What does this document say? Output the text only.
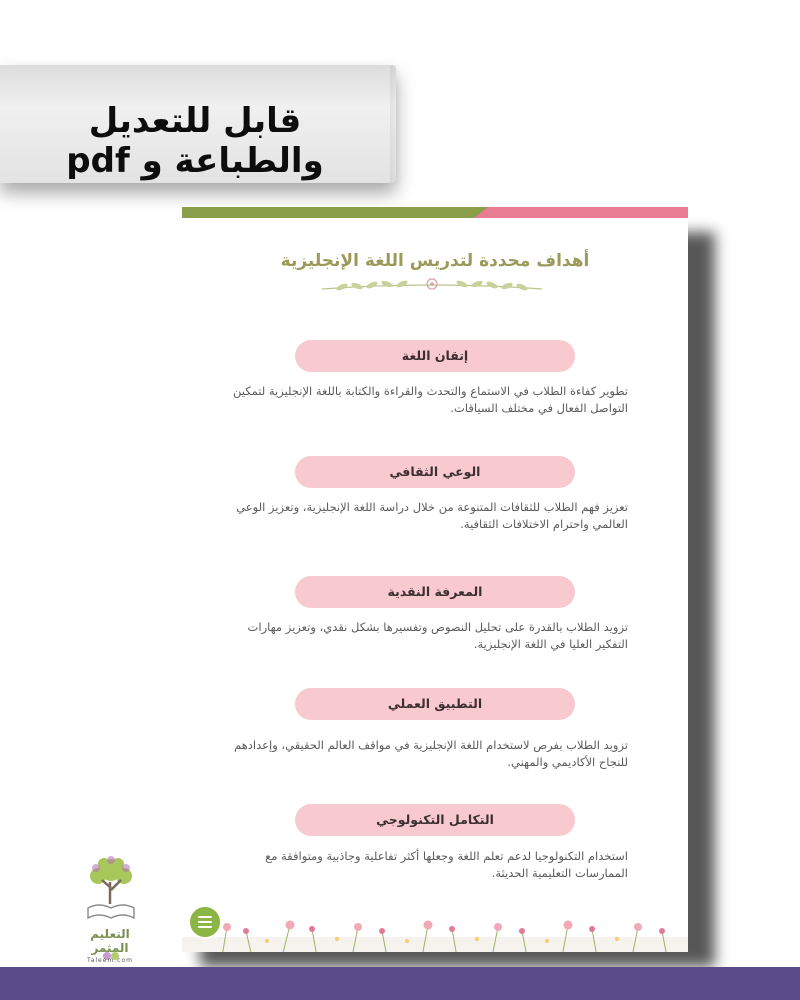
قابل للتعديل والطباعة و pdf
أهداف محددة لتدريس اللغة الإنجليزية
إتقان اللغة
تطوير كفاءة الطلاب في الاستماع والتحدث والقراءة والكتابة باللغة الإنجليزية لتمكين التواصل الفعال في مختلف السياقات.
الوعي الثقافي
تعزيز فهم الطلاب للثقافات المتنوعة من خلال دراسة اللغة الإنجليزية، وتعزيز الوعي العالمي واحترام الاختلافات الثقافية.
المعرفة النقدية
تزويد الطلاب بالقدرة على تحليل النصوص وتفسيرها بشكل نقدي، وتعزيز مهارات التفكير العليا في اللغة الإنجليزية.
التطبيق العملي
تزويد الطلاب بفرص لاستخدام اللغة الإنجليزية في مواقف العالم الحقيقي، وإعدادهم للنجاح الأكاديمي والمهني.
التكامل التكنولوجي
استخدام التكنولوجيا لدعم تعلم اللغة وجعلها أكثر تفاعلية وجاذبية ومتوافقة مع الممارسات التعليمية الحديثة.
التعليم المثمر
Taleem.com
